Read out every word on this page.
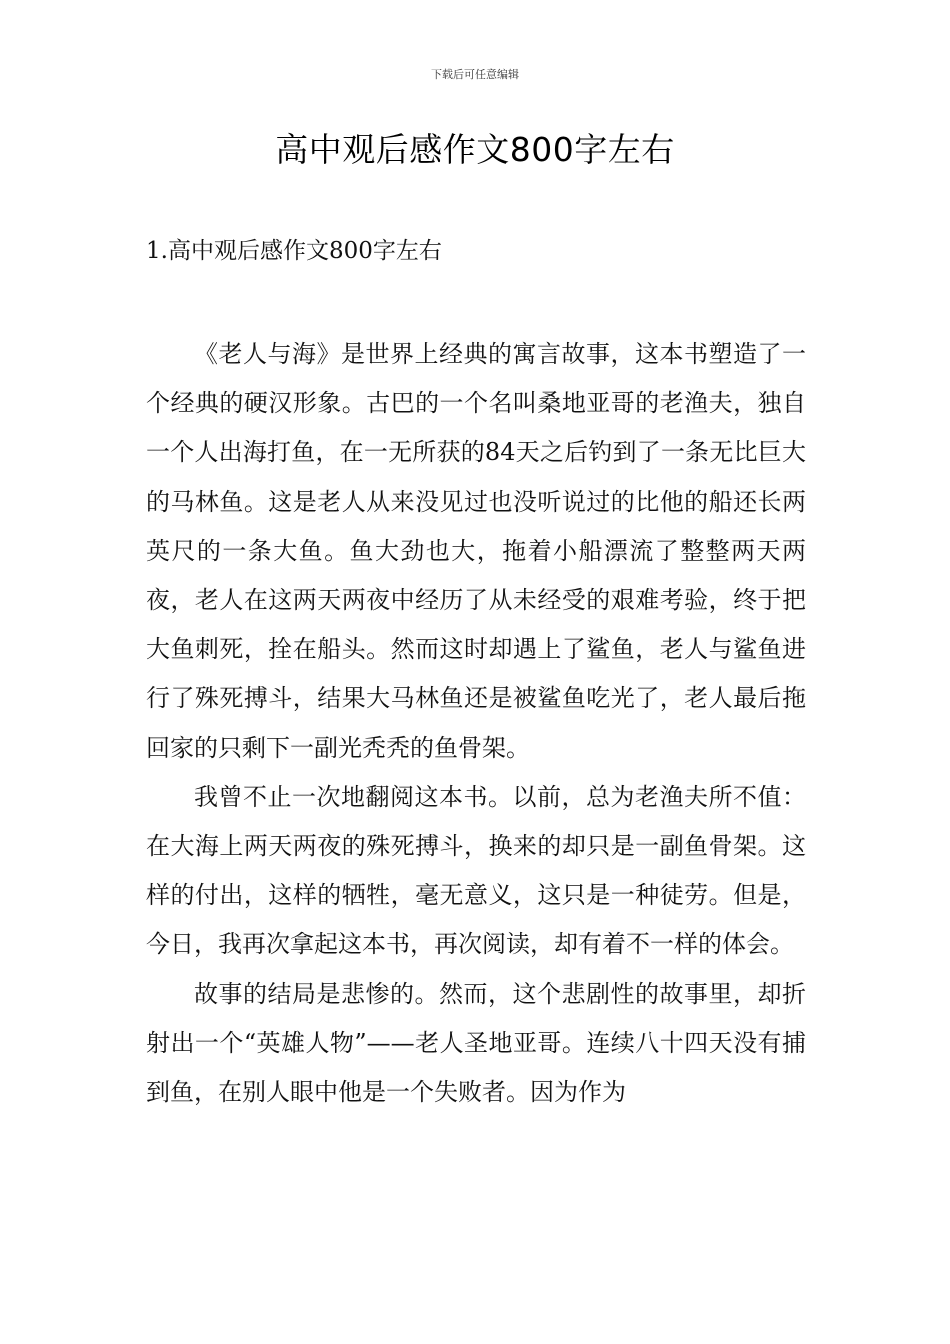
下载后可任意编辑
高中观后感作文800字左右
1.高中观后感作文800字左右

《老人与海》是世界上经典的寓言故事，这本书塑造了一个经典的硬汉形象。古巴的一个名叫桑地亚哥的老渔夫，独自一个人出海打鱼，在一无所获的84天之后钓到了一条无比巨大的马林鱼。这是老人从来没见过也没听说过的比他的船还长两英尺的一条大鱼。鱼大劲也大，拖着小船漂流了整整两天两夜，老人在这两天两夜中经历了从未经受的艰难考验，终于把大鱼刺死，拴在船头。然而这时却遇上了鲨鱼，老人与鲨鱼进行了殊死搏斗，结果大马林鱼还是被鲨鱼吃光了，老人最后拖回家的只剩下一副光秃秃的鱼骨架。

我曾不止一次地翻阅这本书。以前，总为老渔夫所不值：在大海上两天两夜的殊死搏斗，换来的却只是一副鱼骨架。这样的付出，这样的牺牲，毫无意义，这只是一种徒劳。但是，今日，我再次拿起这本书，再次阅读，却有着不一样的体会。

故事的结局是悲惨的。然而，这个悲剧性的故事里，却折射出一个“英雄人物”——老人圣地亚哥。连续八十四天没有捕到鱼，在别人眼中他是一个失败者。因为作为
